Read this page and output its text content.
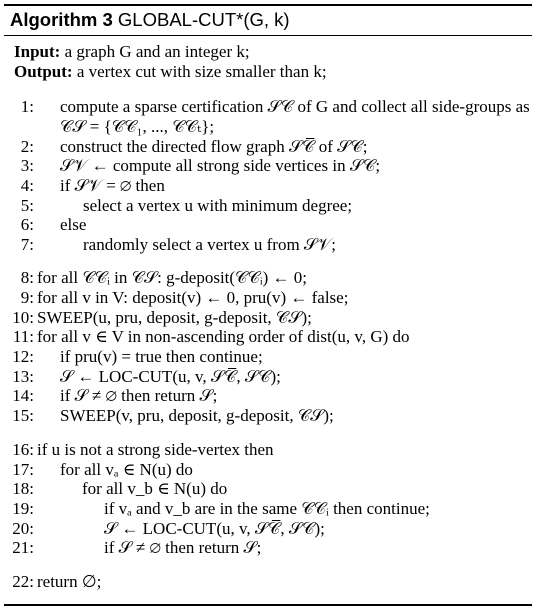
Algorithm 3 GLOBAL-CUT*(G, k)
Input: a graph G and an integer k;
Output: a vertex cut with size smaller than k;
1: compute a sparse certification 𝒮𝒞 of G and collect all side-groups as
𝒞𝒮 = {𝒞𝒞₁, ..., 𝒞𝒞ₜ};
2: construct the directed flow graph 𝒮𝒞̅ of 𝒮𝒞;
3: 𝒮𝒱 ← compute all strong side vertices in 𝒮𝒞;
4: if 𝒮𝒱 = ∅ then
5:	select a vertex u with minimum degree;
6: else
7:	randomly select a vertex u from 𝒮𝒱;
8: for all 𝒞𝒞ᵢ in 𝒞𝒮: g-deposit(𝒞𝒞ᵢ) ← 0;
9: for all v in V: deposit(v) ← 0, pru(v) ← false;
10: SWEEP(u, pru, deposit, g-deposit, 𝒞𝒮);
11: for all v ∈ V in non-ascending order of dist(u, v, G) do
12: if pru(v) = true then continue;
13: 𝒮 ← LOC-CUT(u, v, 𝒮𝒞̅, 𝒮𝒞);
14: if 𝒮 ≠ ∅ then return 𝒮;
15: SWEEP(v, pru, deposit, g-deposit, 𝒞𝒮);
16: if u is not a strong side-vertex then
17: for all vₐ ∈ N(u) do
18:	for all v_b ∈ N(u) do
19:	if vₐ and v_b are in the same 𝒞𝒞ᵢ then continue;
20:	𝒮 ← LOC-CUT(u, v, 𝒮𝒞̅, 𝒮𝒞);
21:	if 𝒮 ≠ ∅ then return 𝒮;
22: return ∅;
